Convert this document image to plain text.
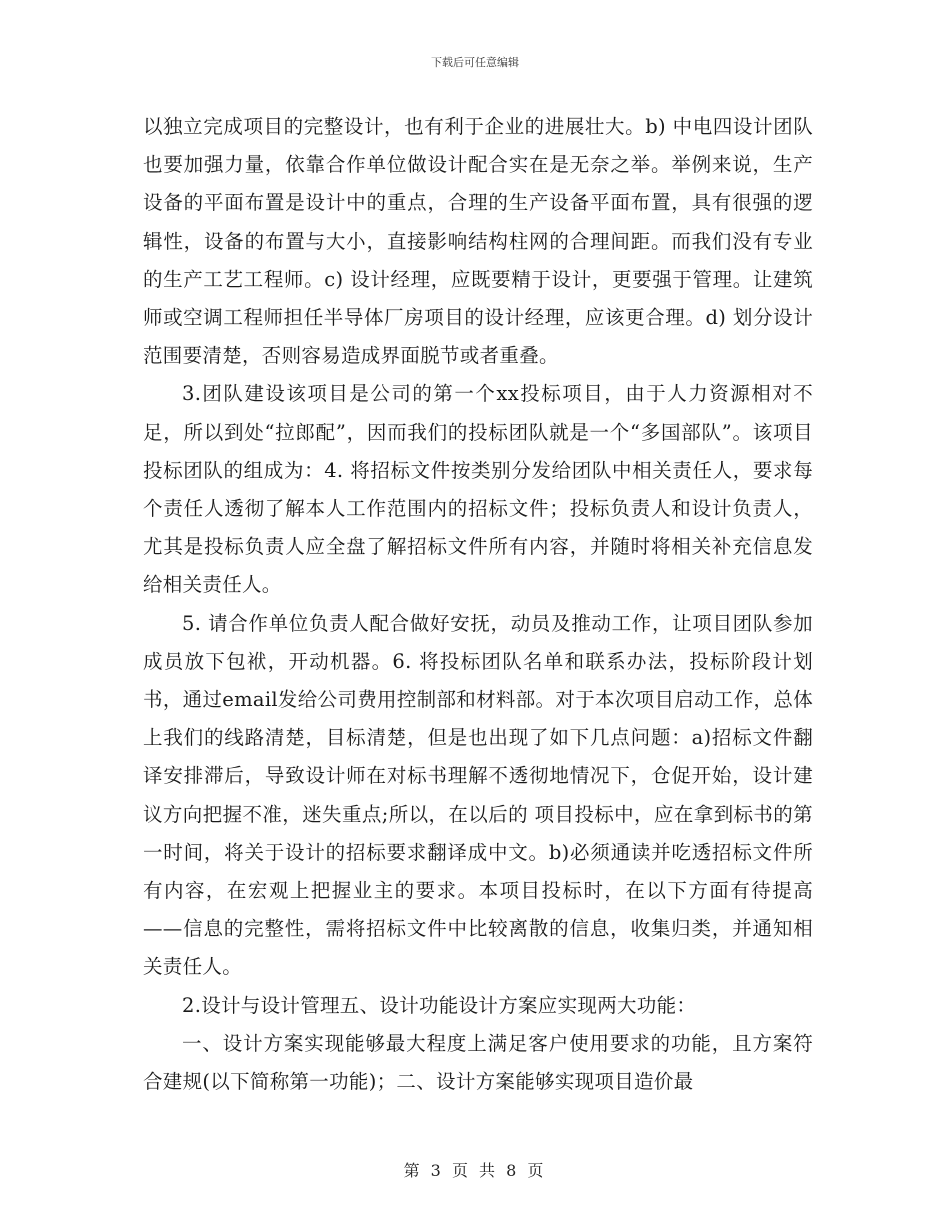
下载后可任意编辑

以独立完成项目的完整设计，也有利于企业的进展壮大。b) 中电四设计团队也要加强力量，依靠合作单位做设计配合实在是无奈之举。举例来说，生产设备的平面布置是设计中的重点，合理的生产设备平面布置，具有很强的逻辑性，设备的布置与大小，直接影响结构柱网的合理间距。而我们没有专业的生产工艺工程师。c) 设计经理，应既要精于设计，更要强于管理。让建筑师或空调工程师担任半导体厂房项目的设计经理，应该更合理。d) 划分设计范围要清楚，否则容易造成界面脱节或者重叠。

3.团队建设该项目是公司的第一个xx投标项目，由于人力资源相对不足，所以到处“拉郎配”，因而我们的投标团队就是一个“多国部队”。该项目投标团队的组成为：4. 将招标文件按类别分发给团队中相关责任人，要求每个责任人透彻了解本人工作范围内的招标文件；投标负责人和设计负责人，尤其是投标负责人应全盘了解招标文件所有内容，并随时将相关补充信息发给相关责任人。

5. 请合作单位负责人配合做好安抚，动员及推动工作，让项目团队参加成员放下包袱，开动机器。6. 将投标团队名单和联系办法，投标阶段计划书，通过email发给公司费用控制部和材料部。对于本次项目启动工作，总体上我们的线路清楚，目标清楚，但是也出现了如下几点问题：a)招标文件翻译安排滞后，导致设计师在对标书理解不透彻地情况下，仓促开始，设计建议方向把握不准，迷失重点;所以，在以后的 项目投标中，应在拿到标书的第一时间，将关于设计的招标要求翻译成中文。b)必须通读并吃透招标文件所有内容，在宏观上把握业主的要求。本项目投标时，在以下方面有待提高——信息的完整性，需将招标文件中比较离散的信息，收集归类，并通知相关责任人。

2.设计与设计管理五、设计功能设计方案应实现两大功能：

一、设计方案实现能够最大程度上满足客户使用要求的功能，且方案符合建规(以下简称第一功能)；二、设计方案能够实现项目造价最

第 3 页 共 8 页
